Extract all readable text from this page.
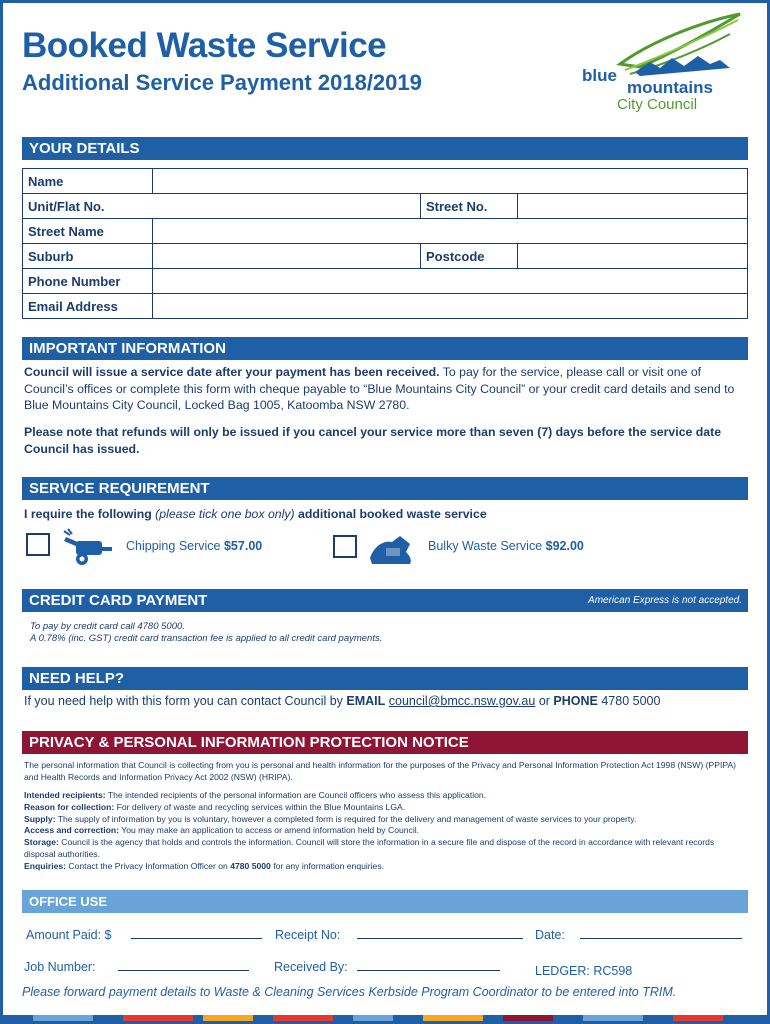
Booked Waste Service
Additional Service Payment 2018/2019	blue
mountains
City Council
YOUR DETAILS
Name			
Unit/Flat No.		Street No.	
Street Name			
Suburb		Postcode	
Phone Number			
Email Address			
IMPORTANT INFORMATION
Council will issue a service date after your payment has been received. To pay for the service, please call or visit one of Council’s offices or complete this form with cheque payable to “Blue Mountains City Council” or your credit card details and send to Blue Mountains City Council, Locked Bag 1005, Katoomba NSW 2780.
Please note that refunds will only be issued if you cancel your service more than seven (7) days before the service date Council has issued.
SERVICE REQUIREMENT
I require the following (please tick one box only) additional booked waste service
Chipping Service $57.00	Bulky Waste Service $92.00
CREDIT CARD PAYMENT	American Express is not accepted.
To pay by credit card call 4780 5000.
A 0.78% (inc. GST) credit card transaction fee is applied to all credit card payments.
NEED HELP?
If you need help with this form you can contact Council by EMAIL council@bmcc.nsw.gov.au or PHONE 4780 5000
PRIVACY & PERSONAL INFORMATION PROTECTION NOTICE
The personal information that Council is collecting from you is personal and health information for the purposes of the Privacy and Personal Information Protection Act 1998 (NSW) (PPIPA) and Health Records and Information Privacy Act 2002 (NSW) (HRIPA).
Intended recipients: The intended recipients of the personal information are Council officers who assess this application.
Reason for collection: For delivery of waste and recycling services within the Blue Mountains LGA.
Supply: The supply of information by you is voluntary, however a completed form is required for the delivery and management of waste services to your property.
Access and correction: You may make an application to access or amend information held by Council.
Storage: Council is the agency that holds and controls the information. Council will store the information in a secure file and dispose of the record in accordance with relevant records disposal authorities.
Enquiries: Contact the Privacy Information Officer on 4780 5000 for any information enquiries.
OFFICE USE
Amount Paid: $	Receipt No:	Date:
Job Number:	Received By:	LEDGER: RC598
Please forward payment details to Waste & Cleaning Services Kerbside Program Coordinator to be entered into TRIM.
